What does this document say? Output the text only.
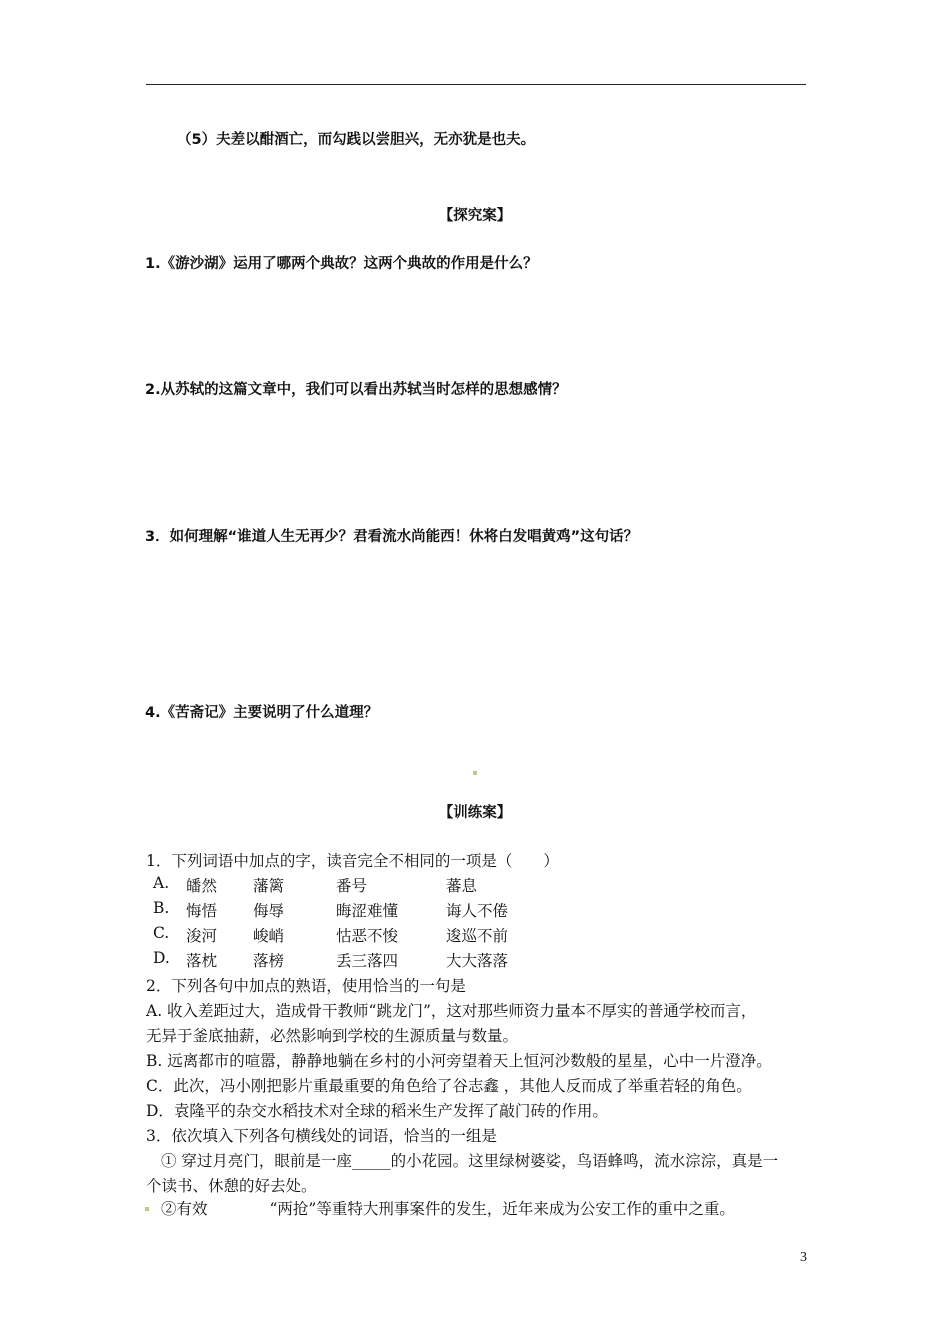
（5）夫差以酣酒亡，而勾践以尝胆兴，无亦犹是也夫。
【探究案】
1.《游沙湖》运用了哪两个典故？这两个典故的作用是什么？
2.从苏轼的这篇文章中，我们可以看出苏轼当时怎样的思想感情？
3．如何理解“谁道人生无再少？君看流水尚能西！休将白发唱黄鸡”这句话？
4.《苦斋记》主要说明了什么道理？
【训练案】
1．下列词语中加点的字，读音完全不相同的一项是（　　）
A. 皤然 藩篱	番号	蕃息
B. 悔悟 侮辱	晦涩难懂	诲人不倦
C. 浚河 峻峭	怙恶不悛	逡巡不前
D. 落枕 落榜	丢三落四	大大落落
2．下列各句中加点的熟语，使用恰当的一句是
A. 收入差距过大，造成骨干教师“跳龙门”，这对那些师资力量本不厚实的普通学校而言，
无异于釜底抽薪，必然影响到学校的生源质量与数量。
B. 远离都市的喧嚣，静静地躺在乡村的小河旁望着天上恒河沙数般的星星，心中一片澄净。
C．此次，冯小刚把影片重最重要的角色给了谷志鑫 ，其他人反而成了举重若轻的角色。
D．袁隆平的杂交水稻技术对全球的稻米生产发挥了敲门砖的作用。
3．依次填入下列各句横线处的词语，恰当的一组是
① 穿过月亮门，眼前是一座_____的小花园。这里绿树婆娑，鸟语蜂鸣，流水淙淙，真是一
个读书、休憩的好去处。
②有效　　　　“两抢”等重特大刑事案件的发生，近年来成为公安工作的重中之重。
3
